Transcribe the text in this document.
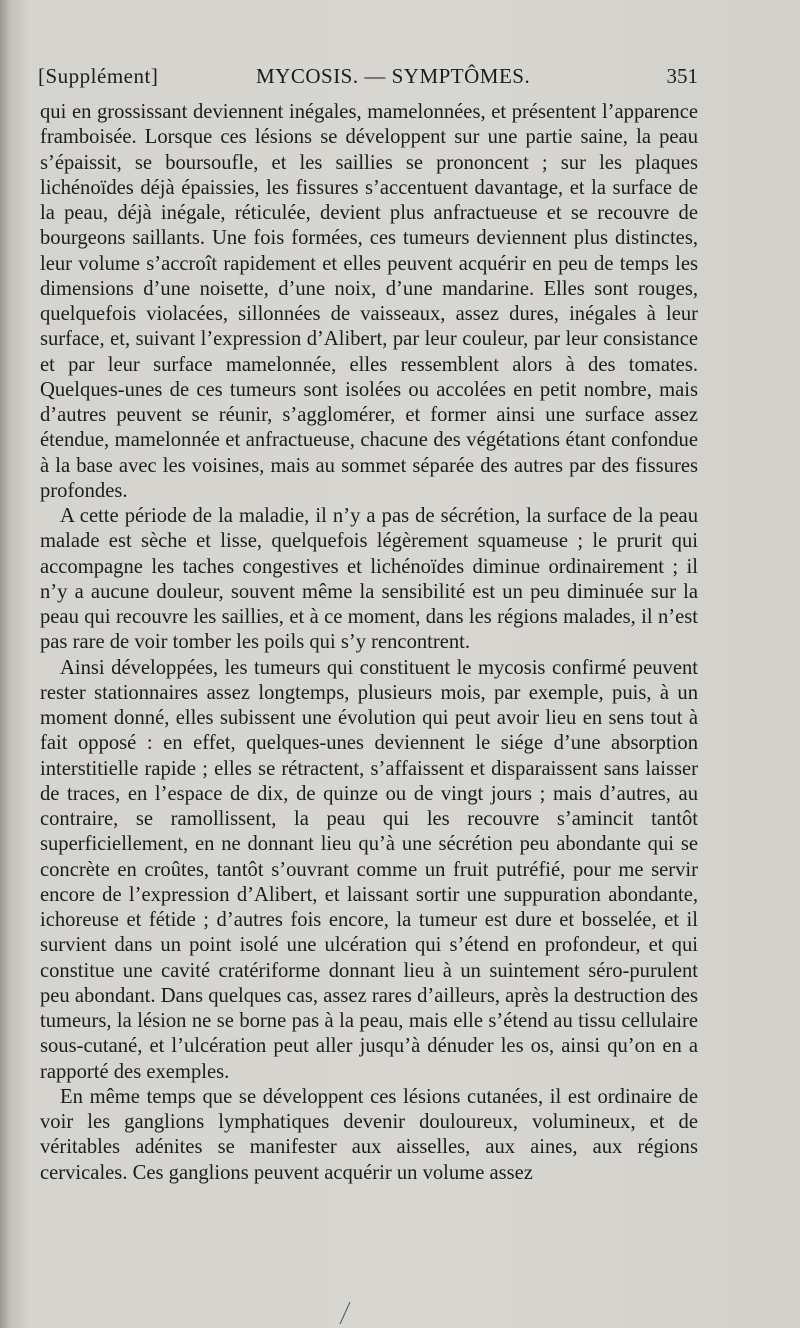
[Supplément]	MYCOSIS. — SYMPTÔMES.	351

qui en grossissant deviennent inégales, mamelonnées, et présentent l’apparence framboisée. Lorsque ces lésions se développent sur une partie saine, la peau s’épaissit, se boursoufle, et les saillies se prononcent ; sur les plaques lichénoïdes déjà épaissies, les fissures s’accentuent davantage, et la surface de la peau, déjà inégale, réticulée, devient plus anfractueuse et se recouvre de bourgeons saillants. Une fois formées, ces tumeurs deviennent plus distinctes, leur volume s’accroît rapidement et elles peuvent acquérir en peu de temps les dimensions d’une noisette, d’une noix, d’une mandarine. Elles sont rouges, quelquefois violacées, sillonnées de vaisseaux, assez dures, inégales à leur surface, et, suivant l’expression d’Alibert, par leur couleur, par leur consistance et par leur surface mamelonnée, elles ressemblent alors à des tomates. Quelques-unes de ces tumeurs sont isolées ou accolées en petit nombre, mais d’autres peuvent se réunir, s’agglomérer, et former ainsi une surface assez étendue, mamelonnée et anfractueuse, chacune des végétations étant confondue à la base avec les voisines, mais au sommet séparée des autres par des fissures profondes.

A cette période de la maladie, il n’y a pas de sécrétion, la surface de la peau malade est sèche et lisse, quelquefois légèrement squameuse ; le prurit qui accompagne les taches congestives et lichénoïdes diminue ordinairement ; il n’y a aucune douleur, souvent même la sensibilité est un peu diminuée sur la peau qui recouvre les saillies, et à ce moment, dans les régions malades, il n’est pas rare de voir tomber les poils qui s’y rencontrent.

Ainsi développées, les tumeurs qui constituent le mycosis confirmé peuvent rester stationnaires assez longtemps, plusieurs mois, par exemple, puis, à un moment donné, elles subissent une évolution qui peut avoir lieu en sens tout à fait opposé : en effet, quelques-unes deviennent le siége d’une absorption interstitielle rapide ; elles se rétractent, s’affaissent et disparaissent sans laisser de traces, en l’espace de dix, de quinze ou de vingt jours ; mais d’autres, au contraire, se ramollissent, la peau qui les recouvre s’amincit tantôt superficiellement, en ne donnant lieu qu’à une sécrétion peu abondante qui se concrète en croûtes, tantôt s’ouvrant comme un fruit putréfié, pour me servir encore de l’expression d’Alibert, et laissant sortir une suppuration abondante, ichoreuse et fétide ; d’autres fois encore, la tumeur est dure et bosselée, et il survient dans un point isolé une ulcération qui s’étend en profondeur, et qui constitue une cavité cratériforme donnant lieu à un suintement séro-purulent peu abondant. Dans quelques cas, assez rares d’ailleurs, après la destruction des tumeurs, la lésion ne se borne pas à la peau, mais elle s’étend au tissu cellulaire sous-cutané, et l’ulcération peut aller jusqu’à dénuder les os, ainsi qu’on en a rapporté des exemples.

En même temps que se développent ces lésions cutanées, il est ordinaire de voir les ganglions lymphatiques devenir douloureux, volumineux, et de véritables adénites se manifester aux aisselles, aux aines, aux régions cervicales. Ces ganglions peuvent acquérir un volume assez
